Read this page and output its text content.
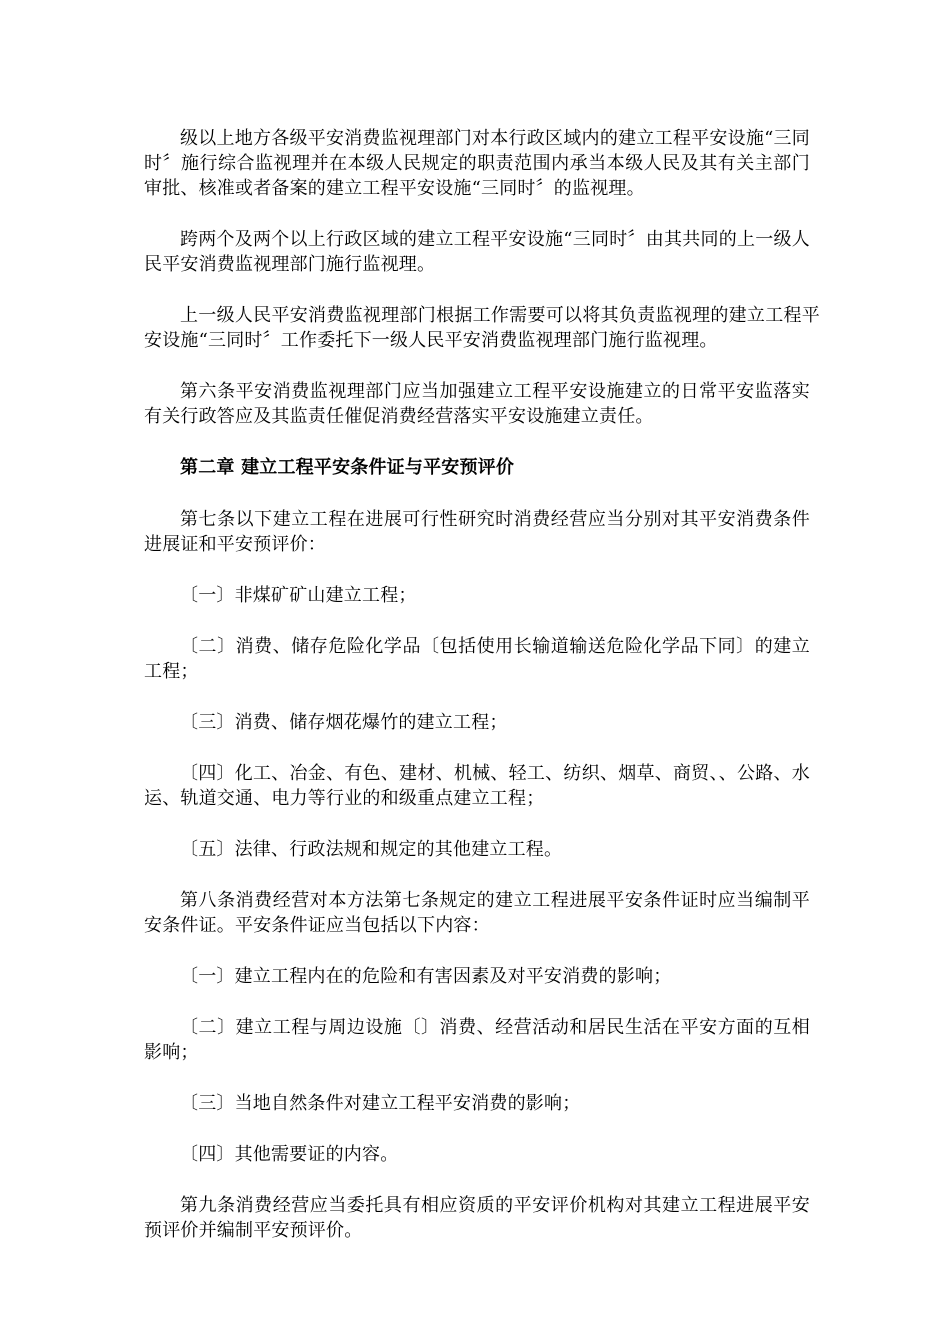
级以上地方各级平安消费监视理部门对本行政区域内的建立工程平安设施“三同时〞施行综合监视理并在本级人民规定的职责范围内承当本级人民及其有关主部门审批、核准或者备案的建立工程平安设施“三同时〞的监视理。

跨两个及两个以上行政区域的建立工程平安设施“三同时〞由其共同的上一级人民平安消费监视理部门施行监视理。

上一级人民平安消费监视理部门根据工作需要可以将其负责监视理的建立工程平安设施“三同时〞工作委托下一级人民平安消费监视理部门施行监视理。

第六条平安消费监视理部门应当加强建立工程平安设施建立的日常平安监落实有关行政答应及其监责任催促消费经营落实平安设施建立责任。

第二章 建立工程平安条件证与平安预评价

第七条以下建立工程在进展可行性研究时消费经营应当分别对其平安消费条件进展证和平安预评价：

〔一〕非煤矿矿山建立工程；

〔二〕消费、储存危险化学品〔包括使用长输道输送危险化学品下同〕的建立工程；

〔三〕消费、储存烟花爆竹的建立工程；

〔四〕化工、冶金、有色、建材、机械、轻工、纺织、烟草、商贸、、公路、水运、轨道交通、电力等行业的和级重点建立工程；

〔五〕法律、行政法规和规定的其他建立工程。

第八条消费经营对本方法第七条规定的建立工程进展平安条件证时应当编制平安条件证。平安条件证应当包括以下内容：

〔一〕建立工程内在的危险和有害因素及对平安消费的影响；

〔二〕建立工程与周边设施〔〕消费、经营活动和居民生活在平安方面的互相影响；

〔三〕当地自然条件对建立工程平安消费的影响；

〔四〕其他需要证的内容。

第九条消费经营应当委托具有相应资质的平安评价机构对其建立工程进展平安预评价并编制平安预评价。
